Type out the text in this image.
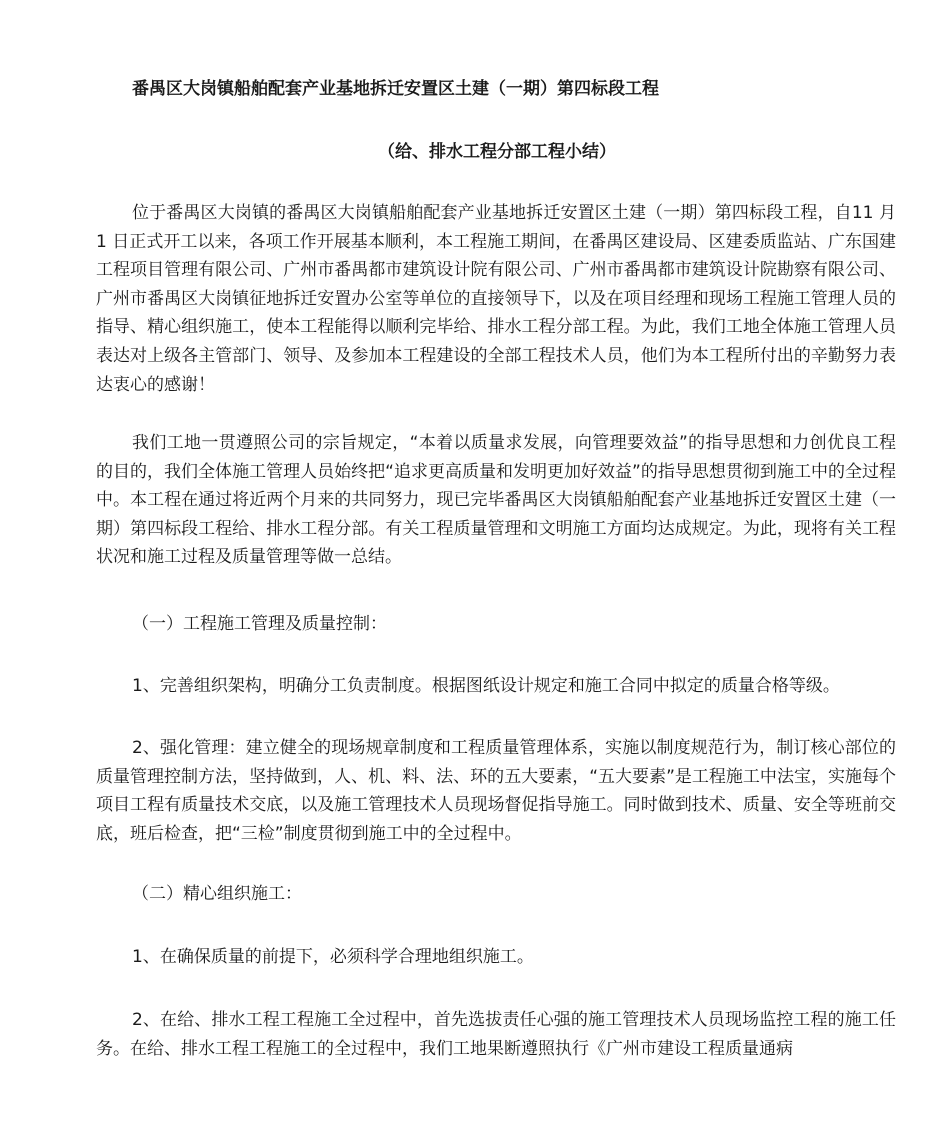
番禺区大岗镇船舶配套产业基地拆迁安置区土建（一期）第四标段工程
（给、排水工程分部工程小结）

位于番禺区大岗镇的番禺区大岗镇船舶配套产业基地拆迁安置区土建（一期）第四标段工程，自11 月 1 日正式开工以来，各项工作开展基本顺利，本工程施工期间，在番禺区建设局、区建委质监站、广东国建工程项目管理有限公司、广州市番禺都市建筑设计院有限公司、广州市番禺都市建筑设计院勘察有限公司、广州市番禺区大岗镇征地拆迁安置办公室等单位的直接领导下，以及在项目经理和现场工程施工管理人员的指导、精心组织施工，使本工程能得以顺利完毕给、排水工程分部工程。为此，我们工地全体施工管理人员表达对上级各主管部门、领导、及参加本工程建设的全部工程技术人员，他们为本工程所付出的辛勤努力表达衷心的感谢！

我们工地一贯遵照公司的宗旨规定，“本着以质量求发展，向管理要效益”的指导思想和力创优良工程的目的，我们全体施工管理人员始终把“追求更高质量和发明更加好效益”的指导思想贯彻到施工中的全过程中。本工程在通过将近两个月来的共同努力，现已完毕番禺区大岗镇船舶配套产业基地拆迁安置区土建（一期）第四标段工程给、排水工程分部。有关工程质量管理和文明施工方面均达成规定。为此，现将有关工程状况和施工过程及质量管理等做一总结。

（一）工程施工管理及质量控制：

1、完善组织架构，明确分工负责制度。根据图纸设计规定和施工合同中拟定的质量合格等级。

2、强化管理：建立健全的现场规章制度和工程质量管理体系，实施以制度规范行为，制订核心部位的质量管理控制方法，坚持做到，人、机、料、法、环的五大要素，“五大要素”是工程施工中法宝，实施每个项目工程有质量技术交底，以及施工管理技术人员现场督促指导施工。同时做到技术、质量、安全等班前交底，班后检查，把“三检”制度贯彻到施工中的全过程中。

（二）精心组织施工：

1、在确保质量的前提下，必须科学合理地组织施工。

2、在给、排水工程工程施工全过程中，首先选拔责任心强的施工管理技术人员现场监控工程的施工任务。在给、排水工程工程施工的全过程中，我们工地果断遵照执行《广州市建设工程质量通病
